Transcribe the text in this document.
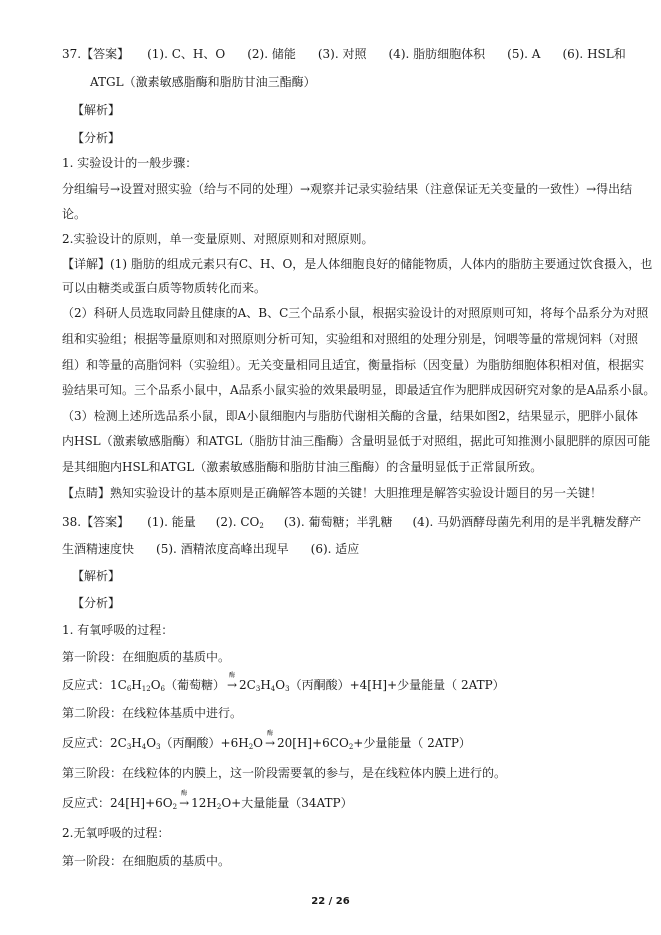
37.【答案】 (1). C、H、O (2). 储能 (3). 对照 (4). 脂肪细胞体积 (5). A (6). HSL和
ATGL（激素敏感脂酶和脂肪甘油三酯酶）
【解析】
【分析】
1. 实验设计的一般步骤：
分组编号→设置对照实验（给与不同的处理）→观察并记录实验结果（注意保证无关变量的一致性）→得出结
论。
2.实验设计的原则，单一变量原则、对照原则和对照原则。
【详解】(1) 脂肪的组成元素只有C、H、O，是人体细胞良好的储能物质，人体内的脂肪主要通过饮食摄入，也
可以由糖类或蛋白质等物质转化而来。
（2）科研人员选取同龄且健康的A、B、C三个品系小鼠，根据实验设计的对照原则可知，将每个品系分为对照
组和实验组；根据等量原则和对照原则分析可知，实验组和对照组的处理分别是，饲喂等量的常规饲料（对照
组）和等量的高脂饲料（实验组）。无关变量相同且适宜，衡量指标（因变量）为脂肪细胞体积相对值，根据实
验结果可知。三个品系小鼠中，A品系小鼠实验的效果最明显，即最适宜作为肥胖成因研究对象的是A品系小鼠。
（3）检测上述所选品系小鼠，即A小鼠细胞内与脂肪代谢相关酶的含量，结果如图2，结果显示，肥胖小鼠体
内HSL（激素敏感脂酶）和ATGL（脂肪甘油三酯酶）含量明显低于对照组，据此可知推测小鼠肥胖的原因可能
是其细胞内HSL和ATGL（激素敏感脂酶和脂肪甘油三酯酶）的含量明显低于正常鼠所致。
【点睛】熟知实验设计的基本原则是正确解答本题的关键！大胆推理是解答实验设计题目的另一关键！
38.【答案】 (1). 能量 (2). $CO_2$ (3). 葡萄糖；半乳糖 (4). 马奶酒酵母菌先利用的是半乳糖发酵产
生酒精速度快 (5). 酒精浓度高峰出现早 (6). 适应
【解析】
【分析】
1. 有氧呼吸的过程：
第一阶段：在细胞质的基质中。
反应式：$1C_6H_{12}O_6$（葡萄糖）
酶
→ $2C_3H_4O_3$（丙酮酸）+4[H]+少量能量（ 2ATP）
第二阶段：在线粒体基质中进行。
反应式：$2C_3H_4O_3$（丙酮酸）$+6H_2O$
酶
→ $20[H]+6CO_2+$少量能量（ 2ATP）
第三阶段：在线粒体的内膜上，这一阶段需要氧的参与，是在线粒体内膜上进行的。
反应式：$24[H]+6O_2$
酶
→ $12H_2O+$大量能量（34ATP）
2.无氧呼吸的过程：
第一阶段：在细胞质的基质中。
22 / 26
